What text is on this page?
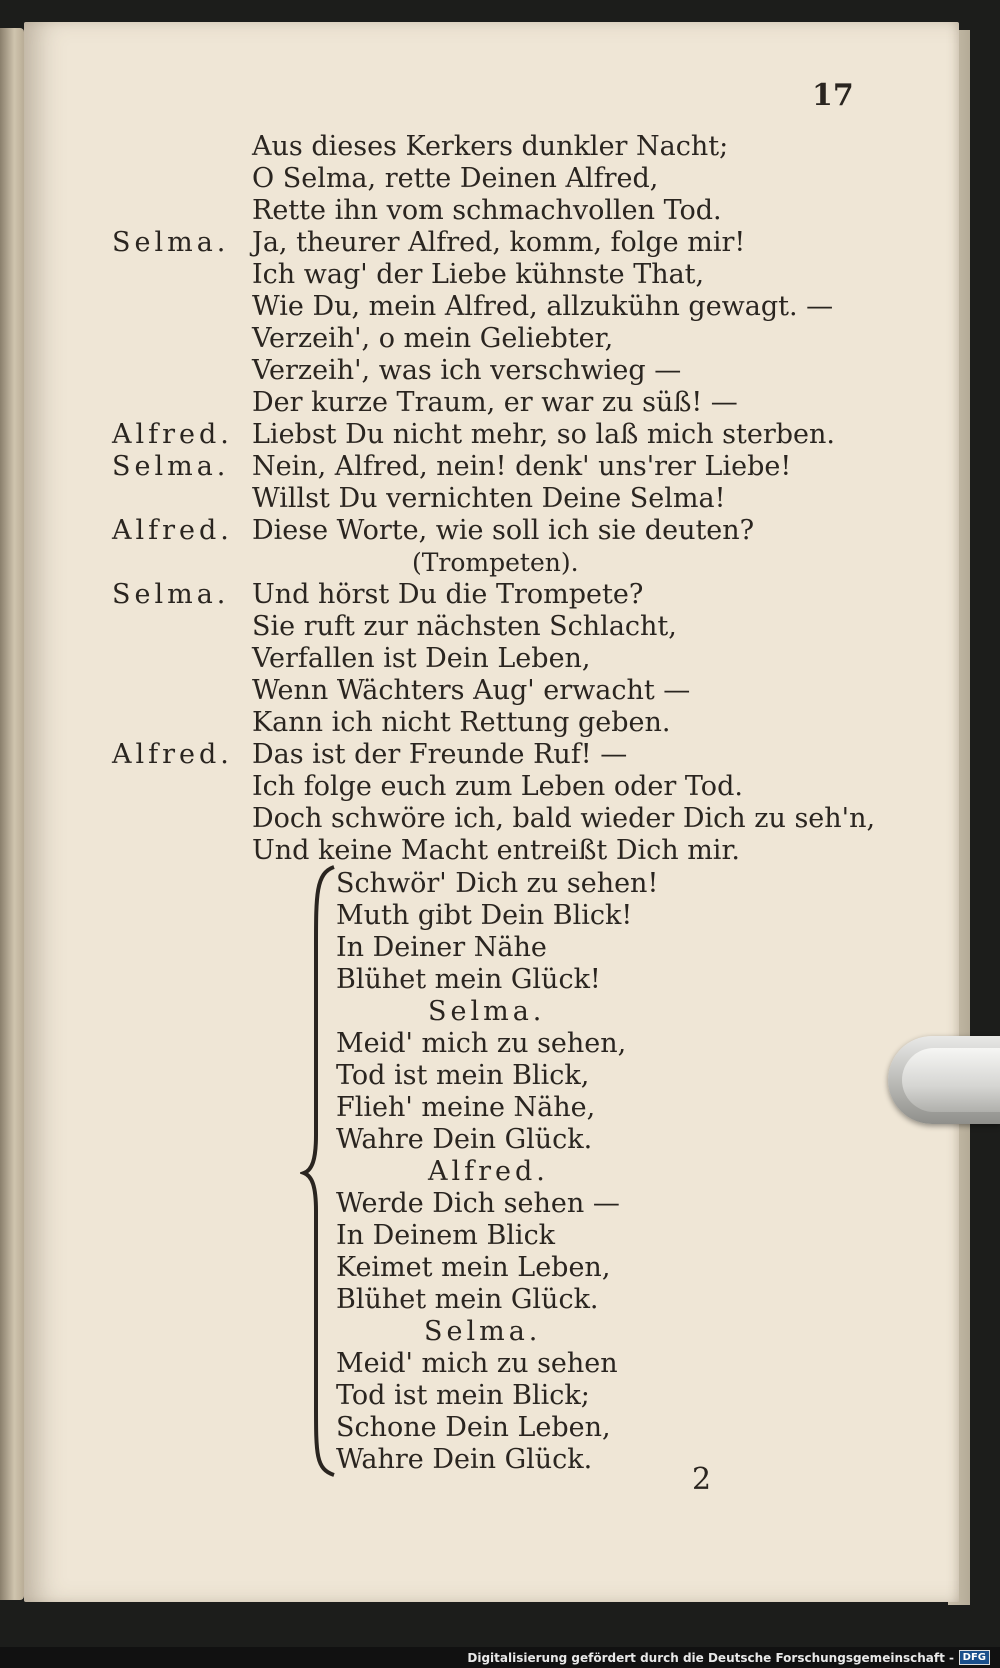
17
Aus dieses Kerkers dunkler Nacht;
O Selma, rette Deinen Alfred,
Rette ihn vom schmachvollen Tod.
Selma. Ja, theurer Alfred, komm, folge mir!
Ich wag' der Liebe kühnste That,
Wie Du, mein Alfred, allzukühn gewagt. —
Verzeih', o mein Geliebter,
Verzeih', was ich verschwieg —
Der kurze Traum, er war zu süß! —
Alfred. Liebst Du nicht mehr, so laß mich sterben.
Selma. Nein, Alfred, nein! denk' uns'rer Liebe!
Willst Du vernichten Deine Selma!
Alfred. Diese Worte, wie soll ich sie deuten?
(Trompeten).
Selma. Und hörst Du die Trompete?
Sie ruft zur nächsten Schlacht,
Verfallen ist Dein Leben,
Wenn Wächters Aug' erwacht —
Kann ich nicht Rettung geben.
Alfred. Das ist der Freunde Ruf! —
Ich folge euch zum Leben oder Tod.
Doch schwöre ich, bald wieder Dich zu seh'n,
Und keine Macht entreißt Dich mir.
Schwör' Dich zu sehen!
Muth gibt Dein Blick!
In Deiner Nähe
Blühet mein Glück!
Selma.
Meid' mich zu sehen,
Tod ist mein Blick,
Flieh' meine Nähe,
Wahre Dein Glück.
Alfred.
Werde Dich sehen —
In Deinem Blick
Keimet mein Leben,
Blühet mein Glück.
Selma.
Meid' mich zu sehen
Tod ist mein Blick;
Schone Dein Leben,
Wahre Dein Glück.
2
Digitalisierung gefördert durch die Deutsche Forschungsgemeinschaft - DFG
